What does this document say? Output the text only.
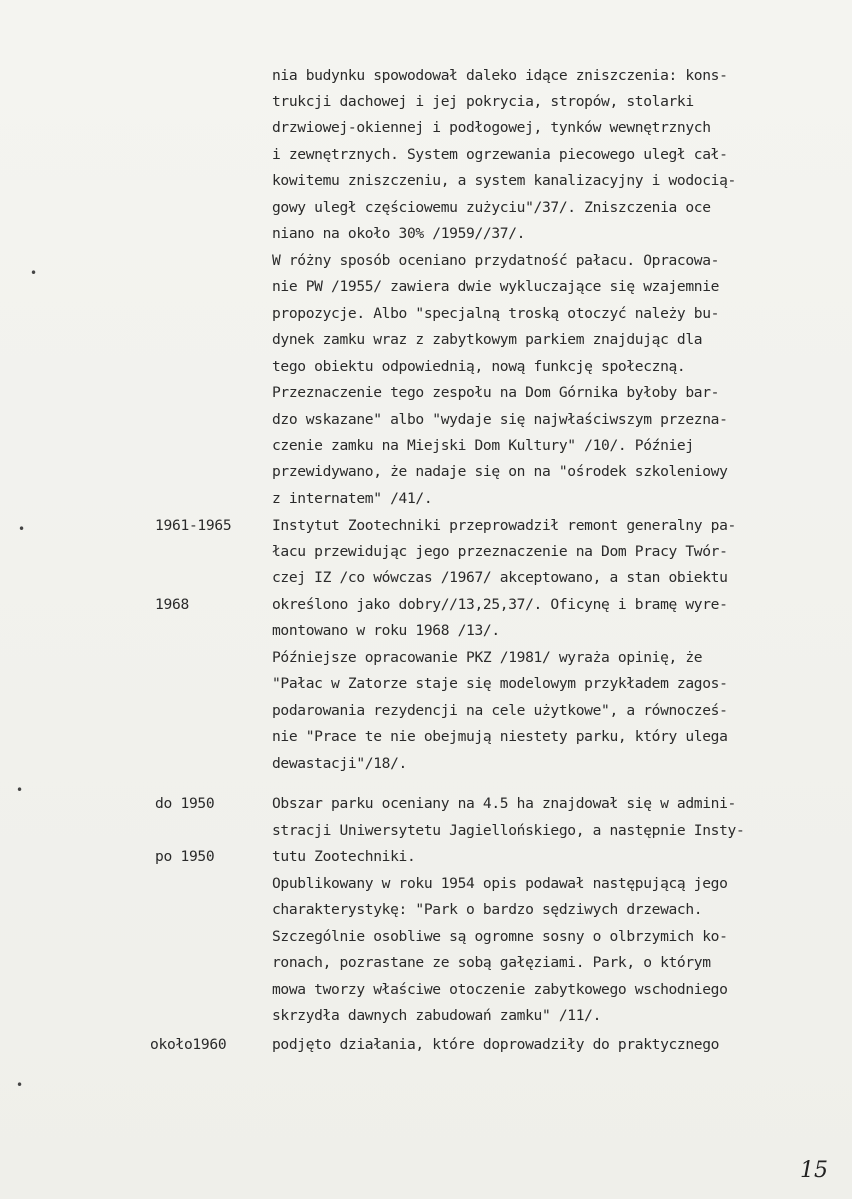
nia budynku spowodował daleko idące zniszczenia: kons-
trukcji dachowej i jej pokrycia, stropów, stolarki
drzwiowej-okiennej i podłogowej, tynków wewnętrznych
i zewnętrznych. System ogrzewania piecowego uległ cał-
kowitemu zniszczeniu, a system kanalizacyjny i wodocią-
gowy uległ częściowemu zużyciu"/37/. Zniszczenia oce
niano na około 30% /1959//37/.
W różny sposób oceniano przydatność pałacu. Opracowa-
nie PW /1955/ zawiera dwie wykluczające się wzajemnie
propozycje. Albo "specjalną troską otoczyć należy bu-
dynek zamku wraz z zabytkowym parkiem znajdując dla
tego obiektu odpowiednią, nową funkcję społeczną.
Przeznaczenie tego zespołu na Dom Górnika byłoby bar-
dzo wskazane" albo "wydaje się najwłaściwszym przezna-
czenie zamku na Miejski Dom Kultury" /10/. Później
przewidywano, że nadaje się on na "ośrodek szkoleniowy
z internatem" /41/.
1961-1965	Instytut Zootechniki przeprowadził remont generalny pa-
łacu przewidując jego przeznaczenie na Dom Pracy Twór-
czej IZ /co wówczas /1967/ akceptowano, a stan obiektu
1968	określono jako dobry//13,25,37/. Oficynę i bramę wyre-
montowano w roku 1968 /13/.
Późniejsze opracowanie PKZ /1981/ wyraża opinię, że
"Pałac w Zatorze staje się modelowym przykładem zagos-
podarowania rezydencji na cele użytkowe", a równocześ-
nie "Prace te nie obejmują niestety parku, który ulega
dewastacji"/18/.
do 1950	Obszar parku oceniany na 4.5 ha znajdował się w admini-
stracji Uniwersytetu Jagiellońskiego, a następnie Insty-
po 1950	tutu Zootechniki.
Opublikowany w roku 1954 opis podawał następującą jego
charakterystykę: "Park o bardzo sędziwych drzewach.
Szczególnie osobliwe są ogromne sosny o olbrzymich ko-
ronach, pozrastane ze sobą gałęziami. Park, o którym
mowa tworzy właściwe otoczenie zabytkowego wschodniego
skrzydła dawnych zabudowań zamku" /11/.
około1960	podjęto działania, które doprowadziły do praktycznego
•
•
•
•
15
